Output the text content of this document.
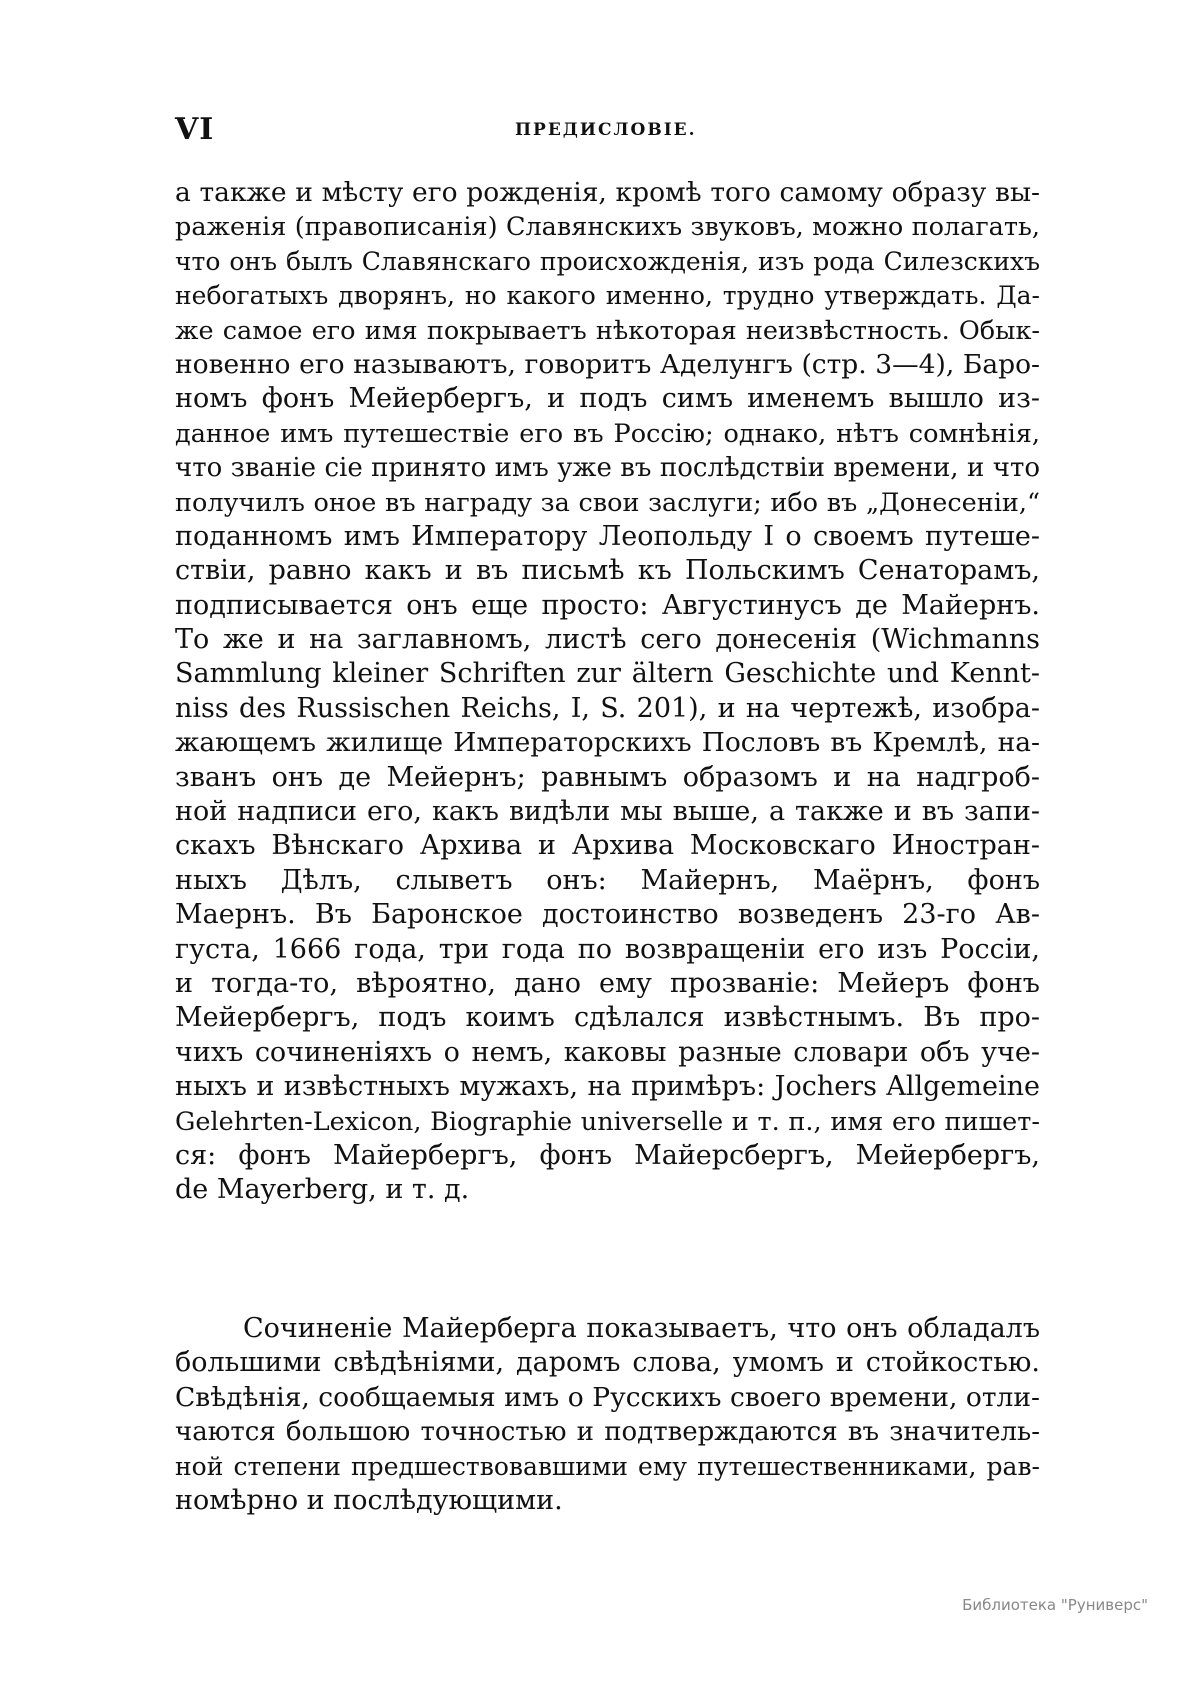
VI	ПРЕДИСЛОВІЕ.
а также и мѣсту его рожденія, кромѣ того самому образу вы-
раженія (правописанія) Славянскихъ звуковъ, можно полагать,
что онъ былъ Славянскаго происхожденія, изъ рода Силезскихъ
небогатыхъ дворянъ, но какого именно, трудно утверждать. Да-
же самое его имя покрываетъ нѣкоторая неизвѣстность. Обык-
новенно его называютъ, говоритъ Аделунгъ (стр. 3—4), Баро-
номъ фонъ Мейербергъ, и подъ симъ именемъ вышло из-
данное имъ путешествіе его въ Россію; однако, нѣтъ сомнѣнія,
что званіе сіе принято имъ уже въ послѣдствіи времени, и что
получилъ оное въ награду за свои заслуги; ибо въ „Донесеніи,“
поданномъ имъ Императору Леопольду I о своемъ путеше-
ствіи, равно какъ и въ письмѣ къ Польскимъ Сенаторамъ,
подписывается онъ еще просто: Августинусъ де Майернъ.
То же и на заглавномъ, листѣ сего донесенія (Wichmanns
Sammlung kleiner Schriften zur ältern Geschichte und Kennt-
niss des Russischen Reichs, I, S. 201), и на чертежѣ, изобра-
жающемъ жилище Императорскихъ Пословъ въ Кремлѣ, на-
званъ онъ де Мейернъ; равнымъ образомъ и на надгроб-
ной надписи его, какъ видѣли мы выше, а также и въ запи-
скахъ Вѣнскаго Архива и Архива Московскаго Иностран-
ныхъ Дѣлъ, слыветъ онъ: Майернъ, Маёрнъ, фонъ
Маернъ. Въ Баронское достоинство возведенъ 23-го Ав-
густа, 1666 года, три года по возвращеніи его изъ Россіи,
и тогда-то, вѣроятно, дано ему прозваніе: Мейеръ фонъ
Мейербергъ, подъ коимъ сдѣлался извѣстнымъ. Въ про-
чихъ сочиненіяхъ о немъ, каковы разные словари объ уче-
ныхъ и извѣстныхъ мужахъ, на примѣръ: Jochers Allgemeine
Gelehrten-Lexicon, Biographie universelle и т. п., имя его пишет-
ся: фонъ Майербергъ, фонъ Майерсбергъ, Мейербергъ,
de Mayerberg, и т. д.
Сочиненіе Майерберга показываетъ, что онъ обладалъ
большими свѣдѣніями, даромъ слова, умомъ и стойкостью.
Свѣдѣнія, сообщаемыя имъ о Русскихъ своего времени, отли-
чаются большою точностью и подтверждаются въ значитель-
ной степени предшествовавшими ему путешественниками, рав-
номѣрно и послѣдующими.
Библиотека "Руниверс"
